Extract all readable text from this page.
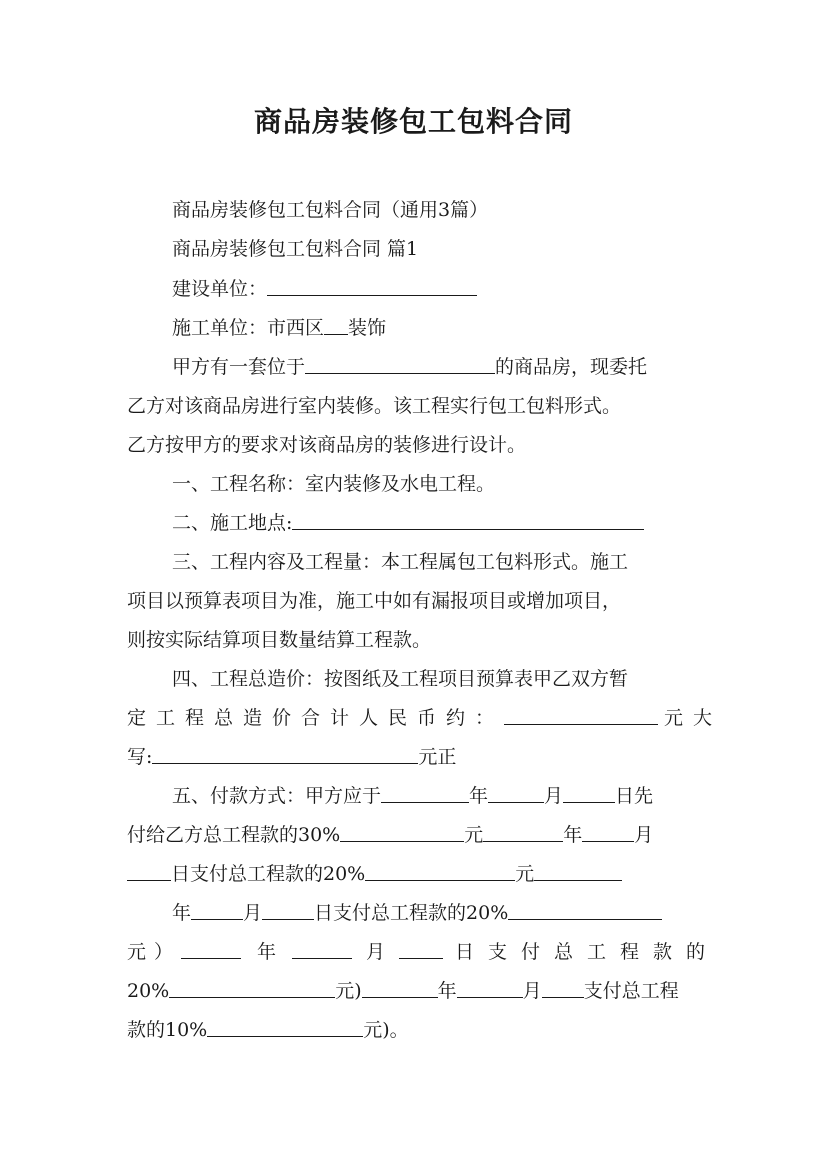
商品房装修包工包料合同
商品房装修包工包料合同（通用3篇）
商品房装修包工包料合同 篇1
建设单位：
施工单位：市西区 装饰
甲方有一套位于	的商品房，现委托
乙方对该商品房进行室内装修。该工程实行包工包料形式。
乙方按甲方的要求对该商品房的装修进行设计。
一、工程名称：室内装修及水电工程。
二、施工地点:
三、工程内容及工程量：本工程属包工包料形式。施工
项目以预算表项目为准，施工中如有漏报项目或增加项目，
则按实际结算项目数量结算工程款。
四、工程总造价：按图纸及工程项目预算表甲乙双方暂
定工程总造价合计人民币约：	元大
写:	元正
五、付款方式：甲方应于	年	月	日先
付给乙方总工程款的30%	元	年	月
日支付总工程款的20%	元
年	月	日支付总工程款的20%
元）	年	月	日支付总工程款的
20%	元)	年	月 支付总工程
款的10%	元)。
